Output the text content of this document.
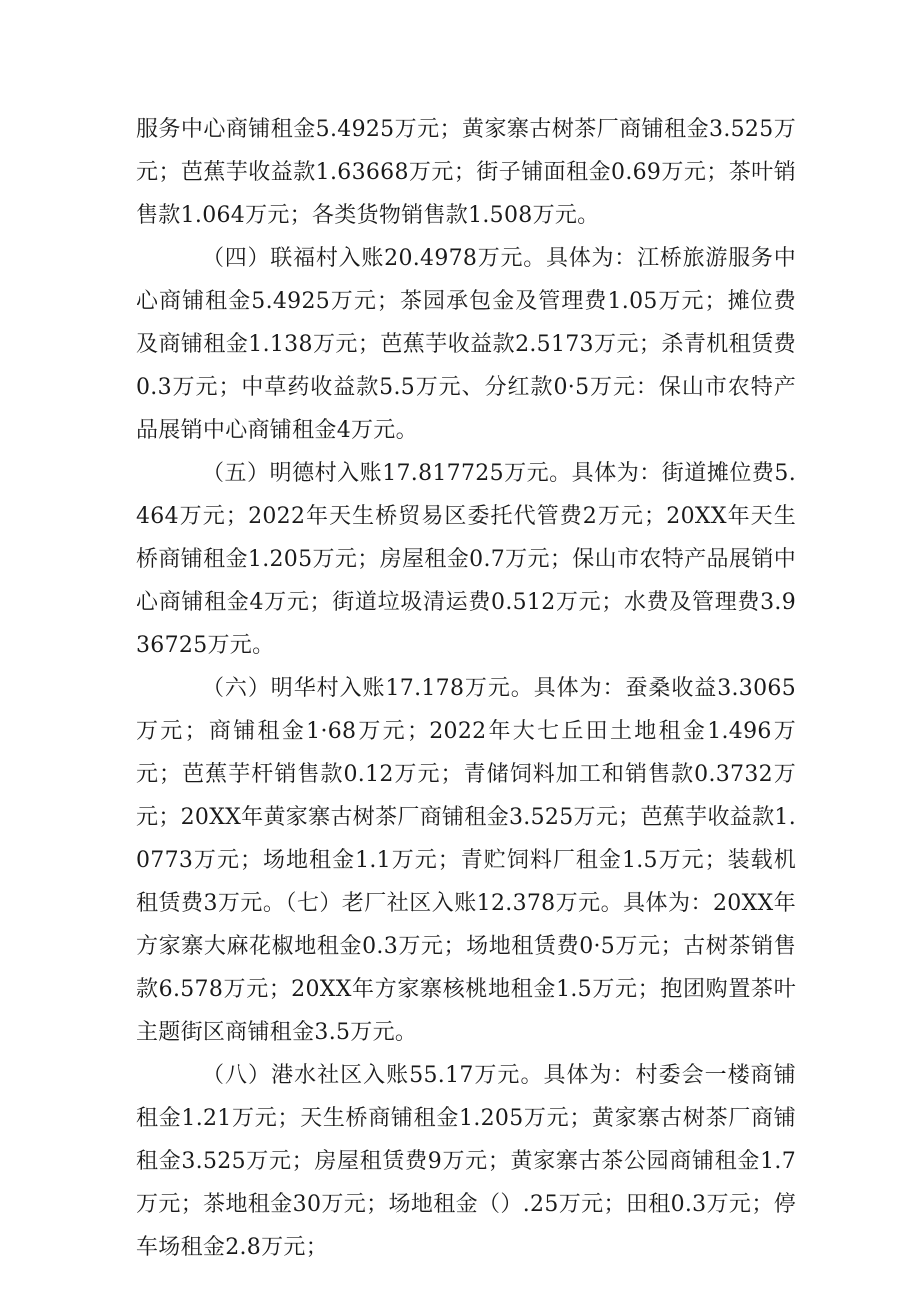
服务中心商铺租金5.4925万元；黄家寨古树茶厂商铺租金3.525万元；芭蕉芋收益款1.63668万元；街子铺面租金0.69万元；茶叶销售款1.064万元；各类货物销售款1.508万元。

（四）联福村入账20.4978万元。具体为：江桥旅游服务中心商铺租金5.4925万元；茶园承包金及管理费1.05万元；摊位费及商铺租金1.138万元；芭蕉芋收益款2.5173万元；杀青机租赁费0.3万元；中草药收益款5.5万元、分红款0·5万元：保山市农特产品展销中心商铺租金4万元。

（五）明德村入账17.817725万元。具体为：街道摊位费5.464万元；2022年天生桥贸易区委托代管费2万元；20XX年天生桥商铺租金1.205万元；房屋租金0.7万元；保山市农特产品展销中心商铺租金4万元；街道垃圾清运费0.512万元；水费及管理费3.936725万元。

（六）明华村入账17.178万元。具体为：蚕桑收益3.3065万元；商铺租金1·68万元；2022年大七丘田土地租金1.496万元；芭蕉芋杆销售款0.12万元；青储饲料加工和销售款0.3732万元；20XX年黄家寨古树茶厂商铺租金3.525万元；芭蕉芋收益款1.0773万元；场地租金1.1万元；青贮饲料厂租金1.5万元；装载机租赁费3万元。（七）老厂社区入账12.378万元。具体为：20XX年方家寨大麻花椒地租金0.3万元；场地租赁费0·5万元；古树茶销售款6.578万元；20XX年方家寨核桃地租金1.5万元；抱团购置茶叶主题街区商铺租金3.5万元。

（八）港水社区入账55.17万元。具体为：村委会一楼商铺租金1.21万元；天生桥商铺租金1.205万元；黄家寨古树茶厂商铺租金3.525万元；房屋租赁费9万元；黄家寨古茶公园商铺租金1.7万元；茶地租金30万元；场地租金（）.25万元；田租0.3万元；停车场租金2.8万元；
